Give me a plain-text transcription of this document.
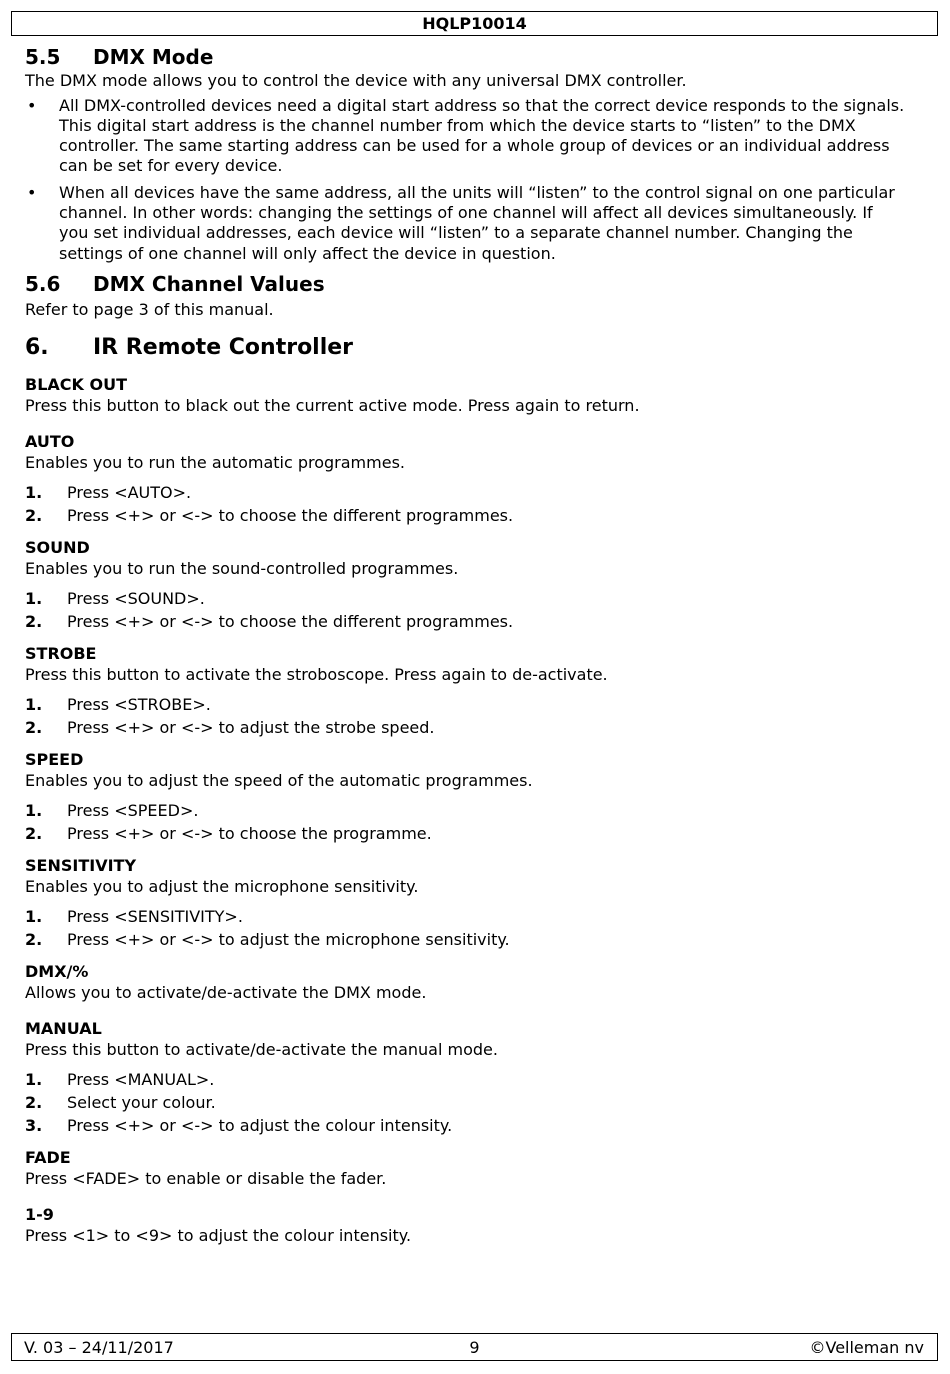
HQLP10014
5.5	DMX Mode

The DMX mode allows you to control the device with any universal DMX controller.

• All DMX-controlled devices need a digital start address so that the correct device responds to the signals. This digital start address is the channel number from which the device starts to “listen” to the DMX controller. The same starting address can be used for a whole group of devices or an individual address can be set for every device.
• When all devices have the same address, all the units will “listen” to the control signal on one particular channel. In other words: changing the settings of one channel will affect all devices simultaneously. If you set individual addresses, each device will “listen” to a separate channel number. Changing the settings of one channel will only affect the device in question.
5.6	DMX Channel Values

Refer to page 3 of this manual.

6.	IR Remote Controller

BLACK OUT

Press this button to black out the current active mode. Press again to return.

AUTO

Enables you to run the automatic programmes.

1.	Press <AUTO>.
2.	Press <+> or <-> to choose the different programmes.

SOUND

Enables you to run the sound-controlled programmes.

1.	Press <SOUND>.
2.	Press <+> or <-> to choose the different programmes.

STROBE

Press this button to activate the stroboscope. Press again to de-activate.

1.	Press <STROBE>.
2.	Press <+> or <-> to adjust the strobe speed.

SPEED

Enables you to adjust the speed of the automatic programmes.

1.	Press <SPEED>.
2.	Press <+> or <-> to choose the programme.

SENSITIVITY

Enables you to adjust the microphone sensitivity.

1.	Press <SENSITIVITY>.
2.	Press <+> or <-> to adjust the microphone sensitivity.

DMX/%

Allows you to activate/de-activate the DMX mode.

MANUAL

Press this button to activate/de-activate the manual mode.

1.	Press <MANUAL>.
2.	Select your colour.
3.	Press <+> or <-> to adjust the colour intensity.

FADE

Press <FADE> to enable or disable the fader.

1-9

Press <1> to <9> to adjust the colour intensity.

9
V. 03 – 24/11/2017	©Velleman nv
